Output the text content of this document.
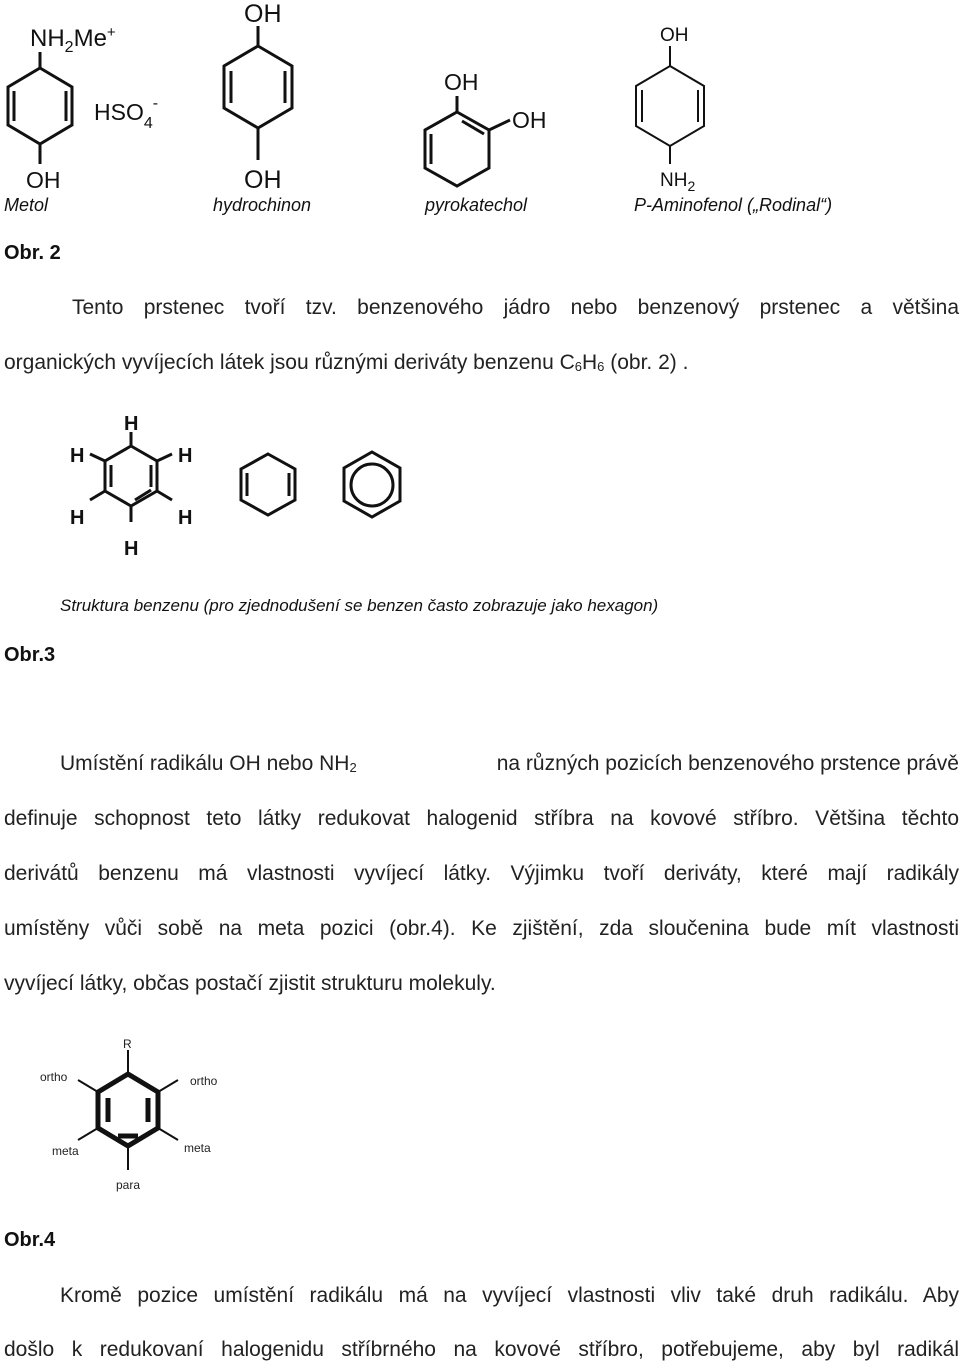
$NH_2Me^+$
$HSO_4^-$
OH
OH
OH
OH
OH
OH
$NH_2$
Metol	hydrochinon	pyrokatechol	P-Aminofenol („Rodinal“)
Obr. 2
Tento prstenec tvoří tzv. benzenového jádro nebo benzenový prstenec a většina
organických vyvíjecích látek jsou různými deriváty benzenu $C_6H_6$ (obr. 2) .
H
H
H
H
H
H
Struktura benzenu (pro zjednodušení se benzen často zobrazuje jako hexagon)
Obr.3
Umístění radikálu OH nebo $NH_2$	na různých pozicích benzenového prstence právě
definuje schopnost teto látky redukovat halogenid stříbra na kovové stříbro. Většina těchto
derivátů benzenu má vlastnosti vyvíjecí látky. Výjimku tvoří deriváty, které mají radikály
umístěny vůči sobě na meta pozici (obr.4). Ke zjištění, zda sloučenina bude mít vlastnosti
vyvíjecí látky, občas postačí zjistit strukturu molekuly.
R
ortho	ortho
meta	meta
para
Obr.4
Kromě pozice umístění radikálu má na vyvíjecí vlastnosti vliv také druh radikálu. Aby
došlo k redukovaní halogenidu stříbrného na kovové stříbro, potřebujeme, aby byl radikál
